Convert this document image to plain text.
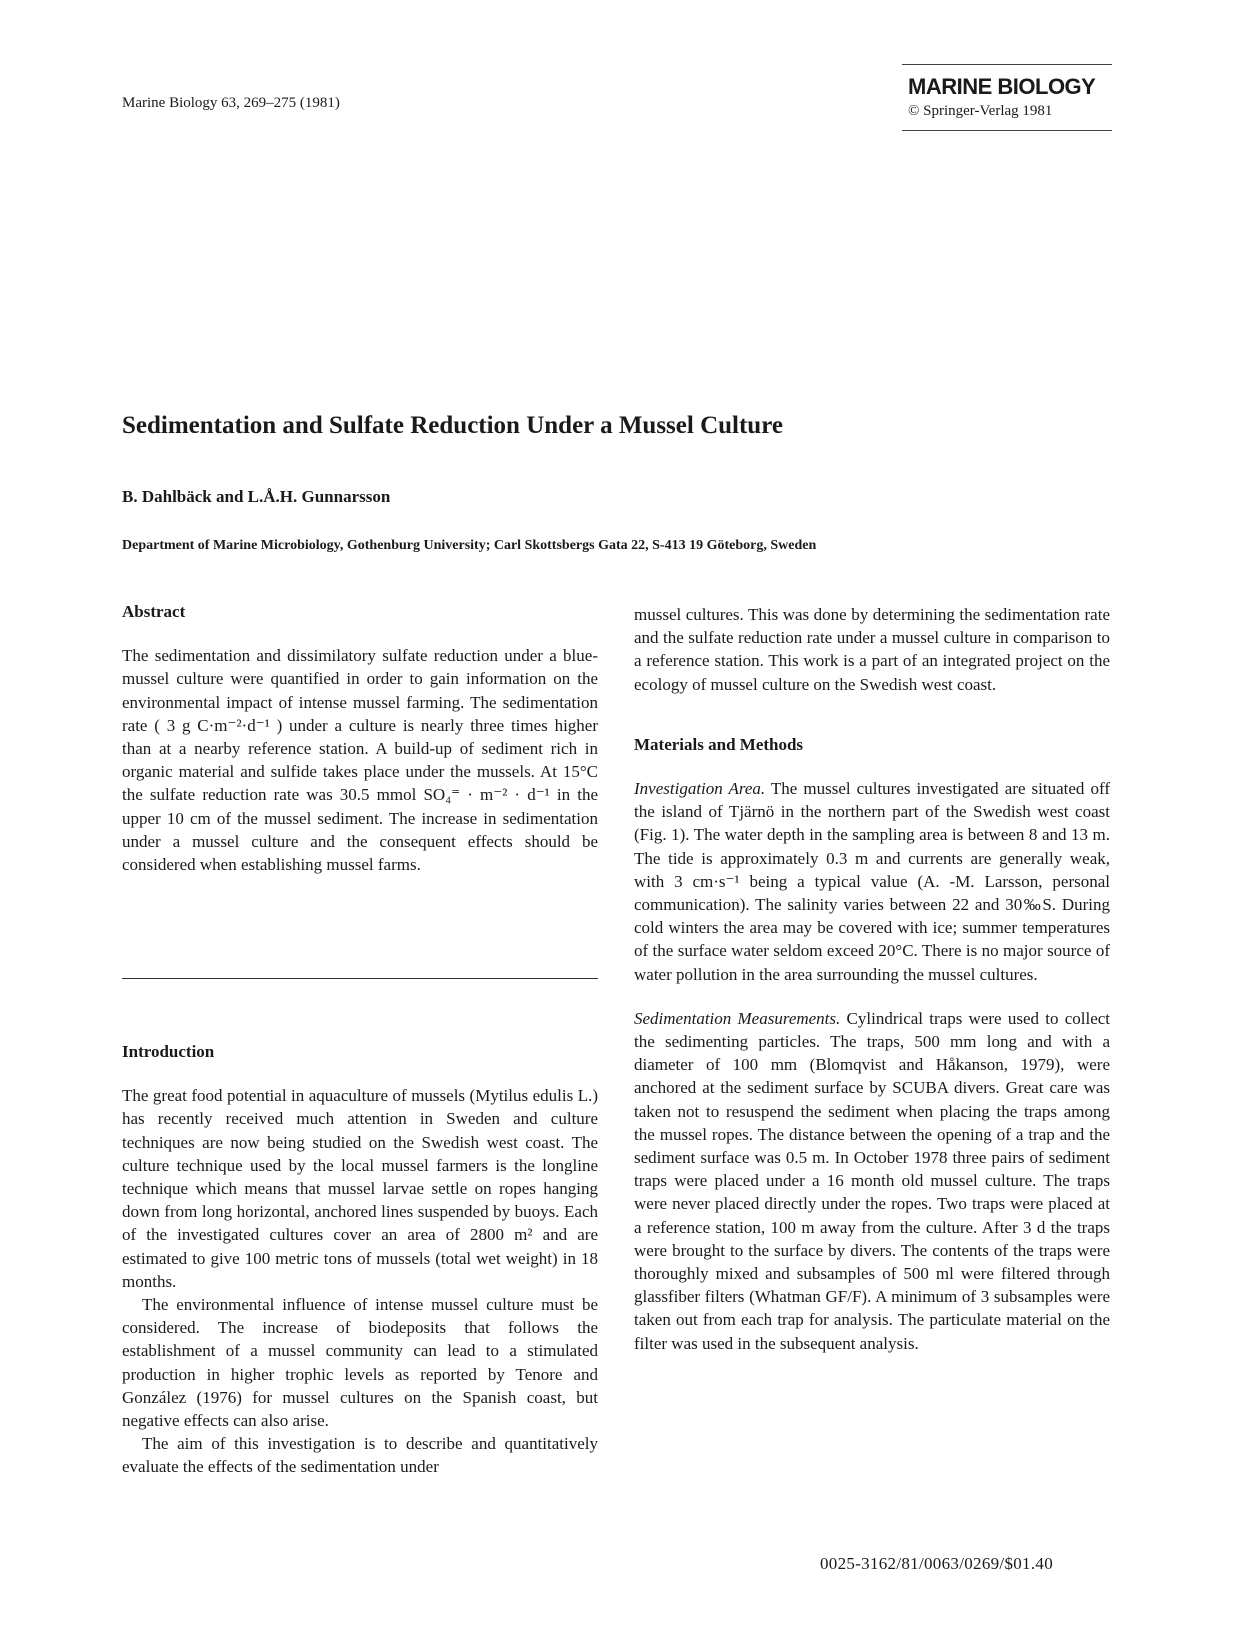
Marine Biology 63, 269–275 (1981)
MARINE BIOLOGY
© Springer-Verlag 1981
Sedimentation and Sulfate Reduction Under a Mussel Culture
B. Dahlbäck and L.Å.H. Gunnarsson
Department of Marine Microbiology, Gothenburg University; Carl Skottsbergs Gata 22, S-413 19 Göteborg, Sweden
Abstract

The sedimentation and dissimilatory sulfate reduction under a blue-mussel culture were quantified in order to gain information on the environmental impact of intense mussel farming. The sedimentation rate ( 3 g C·m⁻²·d⁻¹ ) under a culture is nearly three times higher than at a nearby reference station. A build-up of sediment rich in organic material and sulfide takes place under the mussels. At 15°C the sulfate reduction rate was 30.5 mmol SO₄⁼ · m⁻² · d⁻¹ in the upper 10 cm of the mussel sediment. The increase in sedimentation under a mussel culture and the consequent effects should be considered when establishing mussel farms.

Introduction

The great food potential in aquaculture of mussels (Mytilus edulis L.) has recently received much attention in Sweden and culture techniques are now being studied on the Swedish west coast. The culture technique used by the local mussel farmers is the longline technique which means that mussel larvae settle on ropes hanging down from long horizontal, anchored lines suspended by buoys. Each of the investigated cultures cover an area of 2800 m² and are estimated to give 100 metric tons of mussels (total wet weight) in 18 months.

The environmental influence of intense mussel culture must be considered. The increase of biodeposits that follows the establishment of a mussel community can lead to a stimulated production in higher trophic levels as reported by Tenore and González (1976) for mussel cultures on the Spanish coast, but negative effects can also arise.

The aim of this investigation is to describe and quantitatively evaluate the effects of the sedimentation under

mussel cultures. This was done by determining the sedimentation rate and the sulfate reduction rate under a mussel culture in comparison to a reference station. This work is a part of an integrated project on the ecology of mussel culture on the Swedish west coast.

Materials and Methods

Investigation Area. The mussel cultures investigated are situated off the island of Tjärnö in the northern part of the Swedish west coast (Fig. 1). The water depth in the sampling area is between 8 and 13 m. The tide is approximately 0.3 m and currents are generally weak, with 3 cm·s⁻¹ being a typical value (A. -M. Larsson, personal communication). The salinity varies between 22 and 30‰S. During cold winters the area may be covered with ice; summer temperatures of the surface water seldom exceed 20°C. There is no major source of water pollution in the area surrounding the mussel cultures.

Sedimentation Measurements. Cylindrical traps were used to collect the sedimenting particles. The traps, 500 mm long and with a diameter of 100 mm (Blomqvist and Håkanson, 1979), were anchored at the sediment surface by SCUBA divers. Great care was taken not to resuspend the sediment when placing the traps among the mussel ropes. The distance between the opening of a trap and the sediment surface was 0.5 m. In October 1978 three pairs of sediment traps were placed under a 16 month old mussel culture. The traps were never placed directly under the ropes. Two traps were placed at a reference station, 100 m away from the culture. After 3 d the traps were brought to the surface by divers. The contents of the traps were thoroughly mixed and subsamples of 500 ml were filtered through glassfiber filters (Whatman GF/F). A minimum of 3 subsamples were taken out from each trap for analysis. The particulate material on the filter was used in the subsequent analysis.

0025-3162/81/0063/0269/$01.40
